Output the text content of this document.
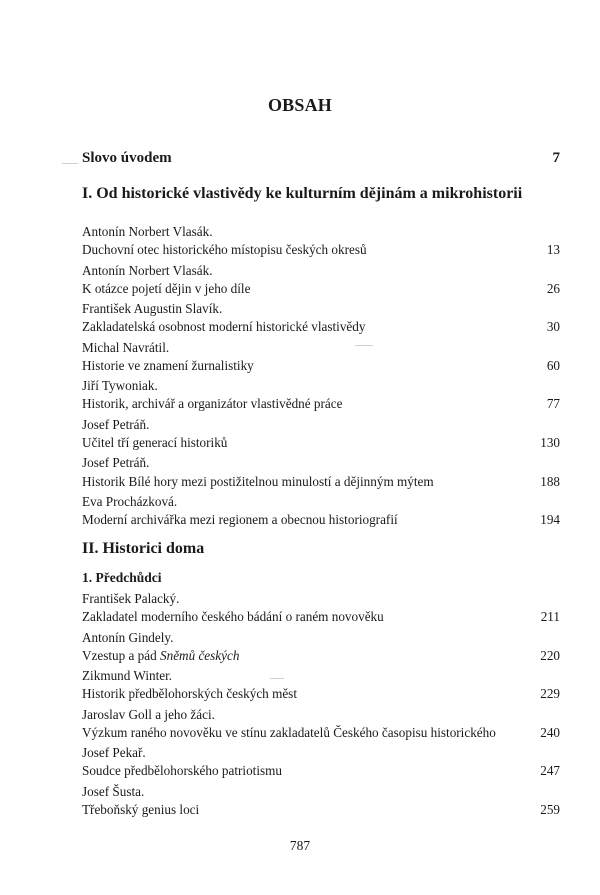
OBSAH
Slovo úvodem	7
I. Od historické vlastivědy ke kulturním dějinám a mikrohistorii
Antonín Norbert Vlasák.
Duchovní otec historického místopisu českých okresů	13
Antonín Norbert Vlasák.
K otázce pojetí dějin v jeho díle	26
František Augustin Slavík.
Zakladatelská osobnost moderní historické vlastivědy	30
Michal Navrátil.
Historie ve znamení žurnalistiky	60
Jiří Tywoniak.
Historik, archivář a organizátor vlastivědné práce	77
Josef Petráň.
Učitel tří generací historiků	130
Josef Petráň.
Historik Bílé hory mezi postižitelnou minulostí a dějinným mýtem	188
Eva Procházková.
Moderní archivářka mezi regionem a obecnou historiografií	194
II. Historici doma
1. Předchůdci
František Palacký.
Zakladatel moderního českého bádání o raném novověku	211
Antonín Gindely.
Vzestup a pád Sněmů českých	220
Zikmund Winter.
Historik předbělohorských českých měst	229
Jaroslav Goll a jeho žáci.
Výzkum raného novověku ve stínu zakladatelů Českého časopisu historického	240
Josef Pekař.
Soudce předbělohorského patriotismu	247
Josef Šusta.
Třeboňský genius loci	259
787
